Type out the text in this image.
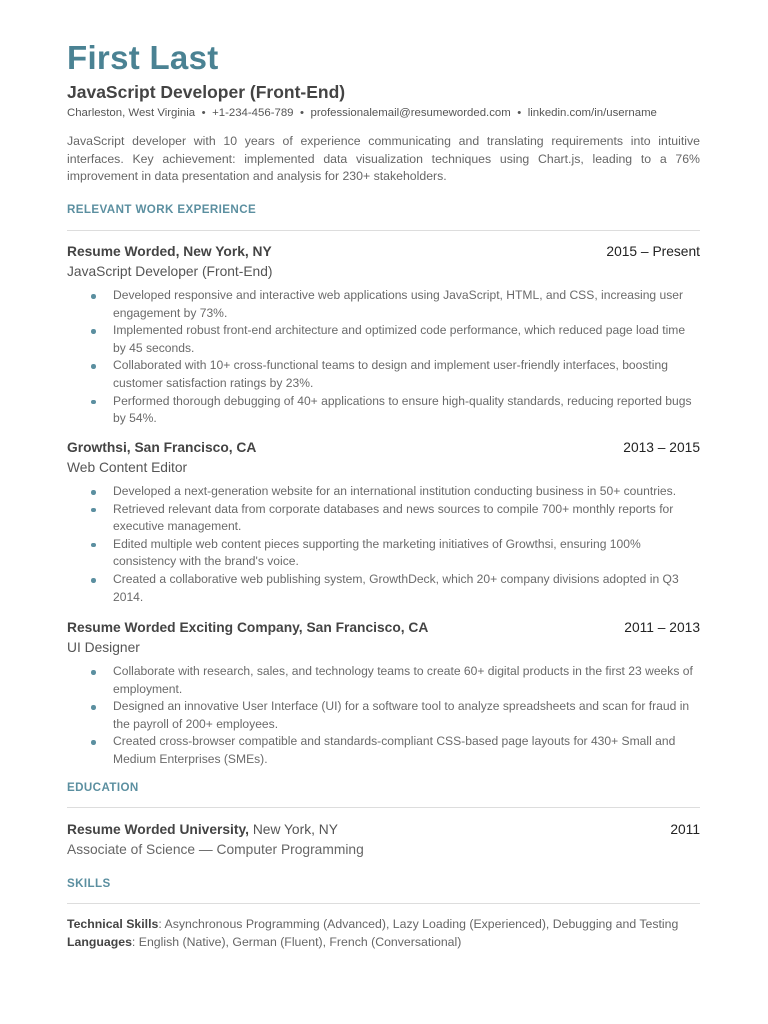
First Last
JavaScript Developer (Front-End)
Charleston, West Virginia • +1-234-456-789 • professionalemail@resumeworded.com • linkedin.com/in/username

JavaScript developer with 10 years of experience communicating and translating requirements into intuitive interfaces. Key achievement: implemented data visualization techniques using Chart.js, leading to a 76% improvement in data presentation and analysis for 230+ stakeholders.

RELEVANT WORK EXPERIENCE
Resume Worded, New York, NY	2015 – Present
JavaScript Developer (Front-End)
Developed responsive and interactive web applications using JavaScript, HTML, and CSS, increasing user engagement by 73%.
Implemented robust front-end architecture and optimized code performance, which reduced page load time by 45 seconds.
Collaborated with 10+ cross-functional teams to design and implement user-friendly interfaces, boosting customer satisfaction ratings by 23%.
Performed thorough debugging of 40+ applications to ensure high-quality standards, reducing reported bugs by 54%.
Growthsi, San Francisco, CA	2013 – 2015
Web Content Editor
Developed a next-generation website for an international institution conducting business in 50+ countries.
Retrieved relevant data from corporate databases and news sources to compile 700+ monthly reports for executive management.
Edited multiple web content pieces supporting the marketing initiatives of Growthsi, ensuring 100% consistency with the brand's voice.
Created a collaborative web publishing system, GrowthDeck, which 20+ company divisions adopted in Q3 2014.
Resume Worded Exciting Company, San Francisco, CA	2011 – 2013
UI Designer
Collaborate with research, sales, and technology teams to create 60+ digital products in the first 23 weeks of employment.
Designed an innovative User Interface (UI) for a software tool to analyze spreadsheets and scan for fraud in the payroll of 200+ employees.
Created cross-browser compatible and standards-compliant CSS-based page layouts for 430+ Small and Medium Enterprises (SMEs).
EDUCATION
Resume Worded University, New York, NY	2011
Associate of Science — Computer Programming
SKILLS
Technical Skills: Asynchronous Programming (Advanced), Lazy Loading (Experienced), Debugging and Testing
Languages: English (Native), German (Fluent), French (Conversational)
